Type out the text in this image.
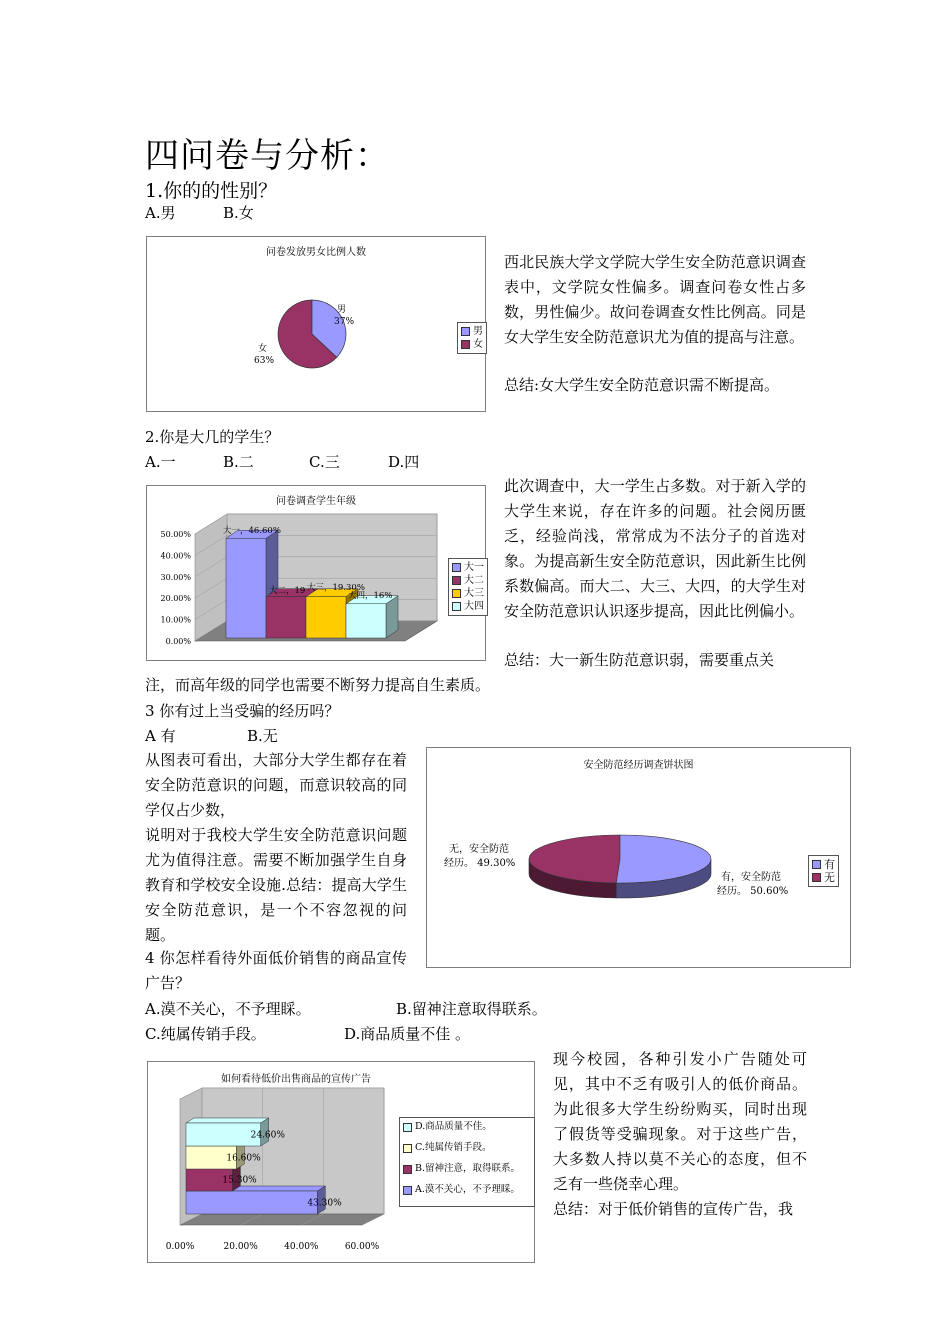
四问卷与分析：
1.你的的性别？
A.男	B.女
问卷发放男女比例人数
男
37%
女
63%
男
女
西北民族大学文学院大学生安全防范意识调查表中，文学院女性偏多。调查问卷女性占多数，男性偏少。故问卷调查女性比例高。同是女大学生安全防范意识尤为值的提高与注意。
总结:女大学生安全防范意识需不断提高。
2.你是大几的学生？
A.一	B.二	C.三	D.四
问卷调查学生年级
0.00%
10.00%
20.00%
30.00%
40.00%
50.00%	大一，46.60%
大二，19 大三，19.30%
大四，16%
大一
大二
大三
大四
此次调查中，大一学生占多数。对于新入学的大学生来说，存在许多的问题。社会阅历匮乏，经验尚浅，常常成为不法分子的首选对象。为提高新生安全防范意识，因此新生比例系数偏高。而大二、大三、大四，的大学生对安全防范意识认识逐步提高，因此比例偏小。
总结：大一新生防范意识弱，需要重点关
注，而高年级的同学也需要不断努力提高自生素质。
3 你有过上当受骗的经历吗？
A 有	B.无
从图表可看出，大部分大学生都存在着安全防范意识的问题，而意识较高的同学仅占少数，
说明对于我校大学生安全防范意识问题尤为值得注意。需要不断加强学生自身教育和学校安全设施.总结：提高大学生安全防范意识，是一个不容忽视的问题。
安全防范经历调查饼状图
无，安全防范
经历。 49.30%
有，安全防范
经历。 50.60%
有
无
4 你怎样看待外面低价销售的商品宣传广告？
A.漠不关心，不予理睬。	B.留神注意取得联系。
C.纯属传销手段。	D.商品质量不佳 。
如何看待低价出售商品的宣传广告
43.30%
15.30%
16.60%
24.60%
0.00%	20.00%	40.00%	60.00%
D.商品质量不佳。
C.纯属传销手段。
B.留神注意，取得联系。
A.漠不关心，不予理睬。
现今校园，各种引发小广告随处可见，其中不乏有吸引人的低价商品。为此很多大学生纷纷购买，同时出现了假货等受骗现象。对于这些广告，大多数人持以莫不关心的态度，但不乏有一些侥幸心理。
总结：对于低价销售的宣传广告，我
